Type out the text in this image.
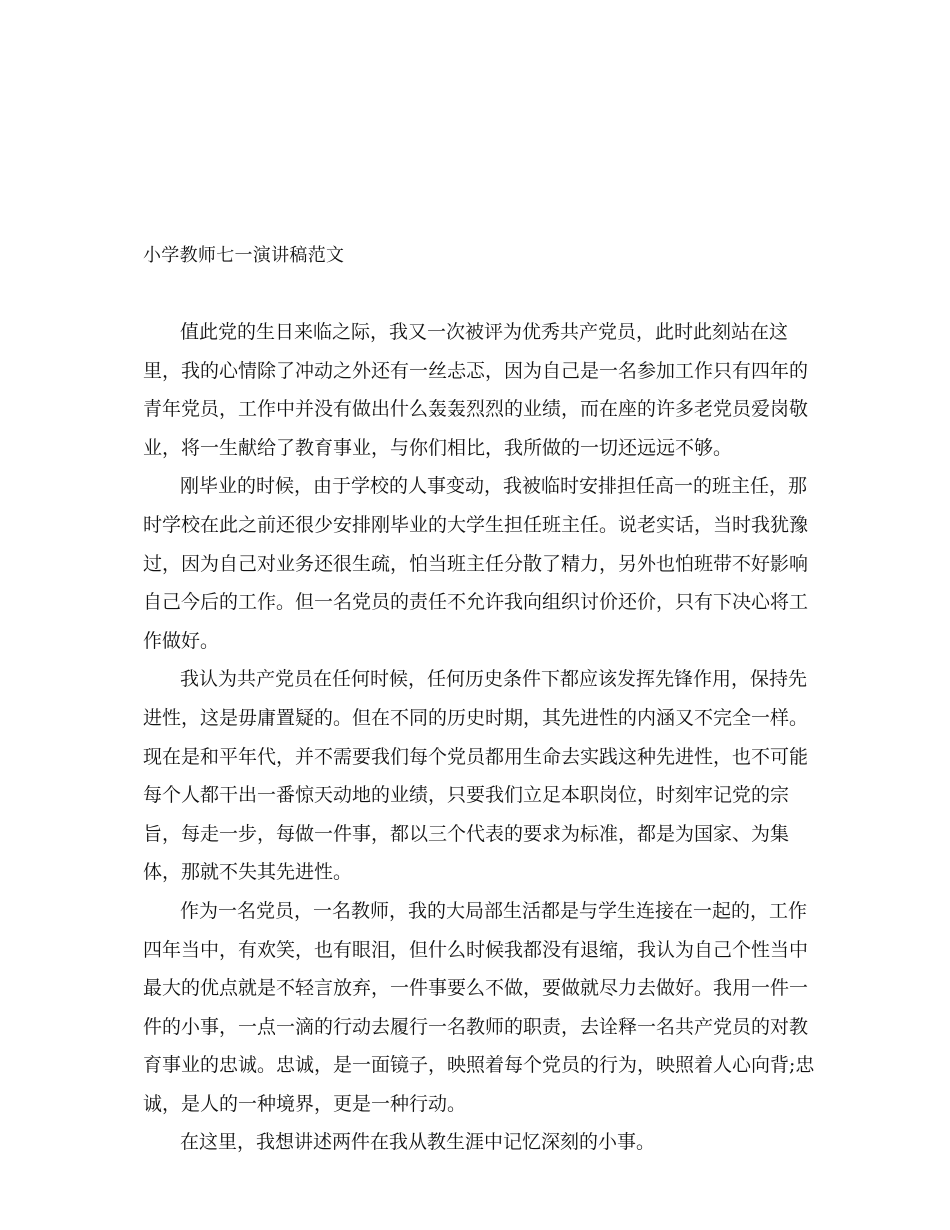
小学教师七一演讲稿范文

值此党的生日来临之际，我又一次被评为优秀共产党员，此时此刻站在这
里，我的心情除了冲动之外还有一丝忐忑，因为自己是一名参加工作只有四年的
青年党员，工作中并没有做出什么轰轰烈烈的业绩，而在座的许多老党员爱岗敬
业，将一生献给了教育事业，与你们相比，我所做的一切还远远不够。

刚毕业的时候，由于学校的人事变动，我被临时安排担任高一的班主任，那
时学校在此之前还很少安排刚毕业的大学生担任班主任。说老实话，当时我犹豫
过，因为自己对业务还很生疏，怕当班主任分散了精力，另外也怕班带不好影响
自己今后的工作。但一名党员的责任不允许我向组织讨价还价，只有下决心将工
作做好。

我认为共产党员在任何时候，任何历史条件下都应该发挥先锋作用，保持先
进性，这是毋庸置疑的。但在不同的历史时期，其先进性的内涵又不完全一样。
现在是和平年代，并不需要我们每个党员都用生命去实践这种先进性，也不可能
每个人都干出一番惊天动地的业绩，只要我们立足本职岗位，时刻牢记党的宗
旨，每走一步，每做一件事，都以三个代表的要求为标准，都是为国家、为集
体，那就不失其先进性。

作为一名党员，一名教师，我的大局部生活都是与学生连接在一起的，工作
四年当中，有欢笑，也有眼泪，但什么时候我都没有退缩，我认为自己个性当中
最大的优点就是不轻言放弃，一件事要么不做，要做就尽力去做好。我用一件一
件的小事，一点一滴的行动去履行一名教师的职责，去诠释一名共产党员的对教
育事业的忠诚。忠诚，是一面镜子，映照着每个党员的行为，映照着人心向背;忠
诚，是人的一种境界，更是一种行动。

在这里，我想讲述两件在我从教生涯中记忆深刻的小事。
